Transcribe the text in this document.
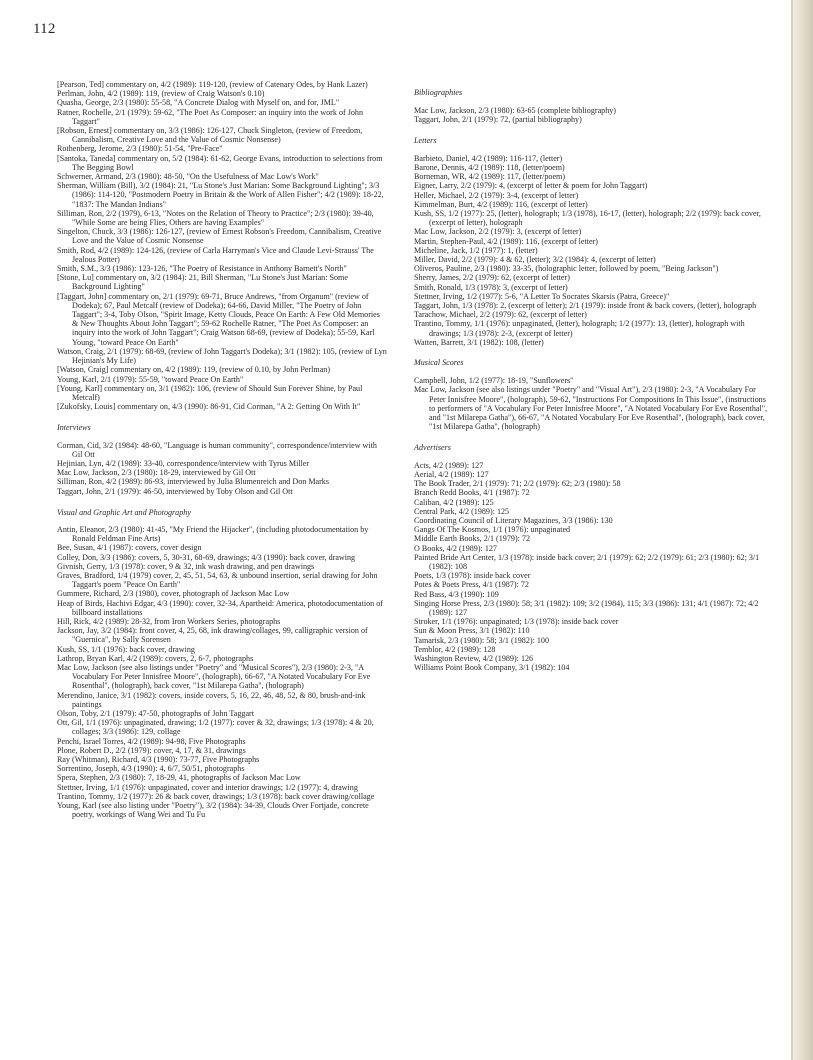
112

[Pearson, Ted] commentary on, 4/2 (1989): 119-120, (review of Catenary Odes, by Hank Lazer)

Perlman, John, 4/2 (1989): 119, (review of Craig Watson's 0.10)

Quasha, George, 2/3 (1980): 55-58, "A Concrete Dialog with Myself on, and for, JML"

Ratner, Rochelle, 2/1 (1979): 59-62, "The Poet As Composer: an inquiry into the work of John Taggart"

[Robson, Ernest] commentary on, 3/3 (1986): 126-127, Chuck Singleton, (review of Freedom, Cannibalism, Creative Love and the Value of Cosmic Nonsense)

Rothenberg, Jerome, 2/3 (1980): 51-54, "Pre-Face"

[Santoka, Taneda] commentary on, 5/2 (1984): 61-62, George Evans, introduction to selections from The Begging Bowl

Schwerner, Armand, 2/3 (1980): 48-50, "On the Usefulness of Mac Low's Work"

Sherman, William (Bill), 3/2 (1984): 21, "Lu Stone's Just Marian: Some Background Lighting"; 3/3 (1986): 114-120, "Postmodern Poetry in Britain & the Work of Allen Fisher"; 4/2 (1989): 18-22, "1837: The Mandan Indians"

Silliman, Ron, 2/2 (1979), 6-13, "Notes on the Relation of Theory to Practice"; 2/3 (1980): 39-40, "While Some are being Flies, Others are having Examples"

Singelton, Chuck, 3/3 (1986): 126-127, (review of Ernest Robson's Freedom, Cannibalism, Creative Love and the Value of Cosmic Nonsense

Smith, Rod, 4/2 (1989): 124-126, (review of Carla Harryman's Vice and Claude Levi-Strauss' The Jealous Potter)

Smith, S.M., 3/3 (1986): 123-126, "The Poetry of Resistance in Anthony Barnett's North"

[Stone, Lu] commentary on, 3/2 (1984): 21, Bill Sherman, "Lu Stone's Just Marian: Some Background Lighting"

[Taggart, John] commentary on, 2/1 (1979): 69-71, Bruce Andrews, "from Organum" (review of Dodeka); 67, Paul Metcalf (review of Dodeka); 64-66, David Miller, "The Poetry of John Taggart"; 3-4, Toby Olson, "Spirit Image, Ketty Clouds, Peace On Earth: A Few Old Memories & New Thoughts About John Taggart"; 59-62 Rochelle Ratner, "The Poet As Composer: an inquiry into the work of John Taggart"; Craig Watson 68-69, (review of Dodeka); 55-59, Karl Young, "toward Peace On Earth"

Watson, Craig, 2/1 (1979): 68-69, (review of John Taggart's Dodeka); 3/1 (1982): 105, (review of Lyn Hejinian's My Life)

[Watson, Craig] commentary on, 4/2 (1989): 119, (review of 0.10, by John Perlman)

Young, Karl, 2/1 (1979): 55-59, "toward Peace On Earth"

[Young, Karl] commentary on, 3/1 (1982): 106, (review of Should Sun Forever Shine, by Paul Metcalf)

[Zukofsky, Louis] commentary on, 4/3 (1990): 86-91, Cid Corman, "A 2: Getting On With It"

Interviews

Corman, Cid, 3/2 (1984): 48-60, "Language is human community", correspondence/interview with Gil Ott

Hejinian, Lyn, 4/2 (1989): 33-40, correspondence/interview with Tyrus Miller

Mac Low, Jackson, 2/3 (1980): 18-29, interviewed by Gil Ott

Silliman, Ron, 4/2 (1989): 86-93, interviewed by Julia Blumenreich and Don Marks

Taggart, John, 2/1 (1979): 46-50, interviewed by Toby Olson and Gil Ott

Visual and Graphic Art and Photography

Antin, Eleanor, 2/3 (1980): 41-45, "My Friend the Hijacker", (including photodocumentation by Ronald Feldman Fine Arts)

Bee, Susan, 4/1 (1987): covers, cover design

Colley, Don, 3/3 (1986): covers, 5, 30-31, 68-69, drawings; 4/3 (1990): back cover, drawing

Givnish, Gerry, 1/3 (1978): cover, 9 & 32, ink wash drawing, and pen drawings

Graves, Bradford, 1/4 (1979) cover, 2, 45, 51, 54, 63, & unbound insertion, serial drawing for John Taggart's poem "Peace On Earth"

Gummere, Richard, 2/3 (1980), cover, photograph of Jackson Mac Low

Heap of Birds, Hachivi Edgar, 4/3 (1990): cover, 32-34, Apartheid: America, photodocumentation of billboard installations

Hill, Rick, 4/2 (1989): 28-32, from Iron Workers Series, photographs

Jackson, Jay, 3/2 (1984): front cover, 4, 25, 68, ink drawing/collages, 99, calligraphic version of "Guernica", by Sally Sorensen

Kush, SS, 1/1 (1976): back cover, drawing

Lathrop, Bryan Karl, 4/2 (1989): covers, 2, 6-7, photographs

Mac Low, Jackson (see also listings under "Poetry" and "Musical Scores"), 2/3 (1980): 2-3, "A Vocabulary For Peter Innisfree Moore", (holograph), 66-67, "A Notated Vocabulary For Eve Rosenthal", (holograph), back cover, "1st Milarepa Gatha", (holograph)

Merendino, Janice, 3/1 (1982): covers, inside covers, 5, 16, 22, 46, 48, 52, & 80, brush-and-ink paintings

Olson, Toby, 2/1 (1979): 47-50, photographs of John Taggart

Ott, Gil, 1/1 (1976): unpaginated, drawing; 1/2 (1977): cover & 32, drawings; 1/3 (1978): 4 & 20, collages; 3/3 (1986): 129, collage

Penchi, Israel Torres, 4/2 (1989): 94-98, Five Photographs

Plone, Robert D., 2/2 (1979): cover, 4, 17, & 31, drawings

Ray (Whitman), Richard, 4/3 (1990): 73-77, Five Photographs

Sorrentino, Joseph, 4/3 (1990): 4, 6/7, 50/51, photographs

Spera, Stephen, 2/3 (1980): 7, 18-29, 41, photographs of Jackson Mac Low

Stettner, Irving, 1/1 (1976): unpaginated, cover and interior drawings; 1/2 (1977): 4, drawing

Trantino, Tommy, 1/2 (1977): 26 & back cover, drawings; 1/3 (1978): back cover drawing/collage

Young, Karl (see also listing under "Poetry"), 3/2 (1984): 34-39, Clouds Over Fortjade, concrete poetry, workings of Wang Wei and Tu Fu

Bibliographies

Mac Low, Jackson, 2/3 (1980): 63-65 (complete bibliography)

Taggart, John, 2/1 (1979): 72, (partial bibliography)

Letters

Barbieto, Daniel, 4/2 (1989): 116-117, (letter)

Barone, Dennis, 4/2 (1989): 118, (letter/poem)

Borneman, WR, 4/2 (1989): 117, (letter/poem)

Eigner, Larry, 2/2 (1979): 4, (excerpt of letter & poem for John Taggart)

Heller, Michael, 2/2 (1979): 3-4, (excerpt of letter)

Kimmelman, Burt, 4/2 (1989): 116, (excerpt of letter)

Kush, SS, 1/2 (1977): 25, (letter), holograph; 1/3 (1978), 16-17, (letter), holograph; 2/2 (1979): back cover, (excerpt of letter), holograph

Mac Low, Jackson, 2/2 (1979): 3, (excerpt of letter)

Martin, Stephen-Paul, 4/2 (1989): 116, (excerpt of letter)

Micheline, Jack, 1/2 (1977): 1, (letter)

Miller, David, 2/2 (1979): 4 & 62, (letter); 3/2 (1984): 4, (excerpt of letter)

Oliveros, Pauline, 2/3 (1980): 33-35, (holographic letter, followed by poem, "Being Jackson")

Sherry, James, 2/2 (1979): 62, (excerpt of letter)

Smith, Ronald, 1/3 (1978): 3, (excerpt of letter)

Stettner, Irving, 1/2 (1977): 5-6, "A Letter To Socrates Skarsis (Patra, Greece)"

Taggart, John, 1/3 (1978): 2, (excerpt of letter); 2/1 (1979): inside front & back covers, (letter), holograph

Tarachow, Michael, 2/2 (1979): 62, (excerpt of letter)

Trantino, Tommy, 1/1 (1976): unpaginated, (letter), holograph; 1/2 (1977): 13, (letter), holograph with drawings; 1/3 (1978): 2-3, (excerpt of letter)

Watten, Barrett, 3/1 (1982): 108, (letter)

Musical Scores

Campbell, John, 1/2 (1977): 18-19, "Sunflowers"

Mac Low, Jackson (see also listings under "Poetry" and "Visual Art"), 2/3 (1980): 2-3, "A Vocabulary For Peter Innisfree Moore", (holograph), 59-62, "Instructions For Compositions In This Issue", (instructions to performers of "A Vocabulary For Peter Innisfree Moore", "A Notated Vocabulary For Eve Rosenthal", and "1st Milarepa Gatha"), 66-67, "A Notated Vocabulary For Eve Rosenthal", (holograph), back cover, "1st Milarepa Gatha", (holograph)

Advertisers

Acts, 4/2 (1989): 127

Aerial, 4/2 (1989): 127

The Book Trader, 2/1 (1979): 71; 2/2 (1979): 62; 2/3 (1980): 58

Branch Redd Books, 4/1 (1987): 72

Caliban, 4/2 (1989): 125

Central Park, 4/2 (1989): 125

Coordinating Council of Literary Magazines, 3/3 (1986): 130

Gangs Of The Kosmos, 1/1 (1976): unpaginated

Middle Earth Books, 2/1 (1979): 72

O Books, 4/2 (1989): 127

Painted Bride Art Center, 1/3 (1978): inside back cover; 2/1 (1979): 62; 2/2 (1979): 61; 2/3 (1980): 62; 3/1 (1982): 108

Poets, 1/3 (1978): inside back cover

Potes & Poets Press, 4/1 (1987): 72

Red Bass, 4/3 (1990): 109

Singing Horse Press, 2/3 (1980): 58; 3/1 (1982): 109; 3/2 (1984), 115; 3/3 (1986): 131; 4/1 (1987): 72; 4/2 (1989): 127

Stroker, 1/1 (1976): unpaginated; 1/3 (1978): inside back cover

Sun & Moon Press, 3/1 (1982): 110

Tamarisk, 2/3 (1980): 58; 3/1 (1982): 100

Temblor, 4/2 (1989): 128

Washington Review, 4/2 (1989): 126

Williams Point Book Company, 3/1 (1982): 104
